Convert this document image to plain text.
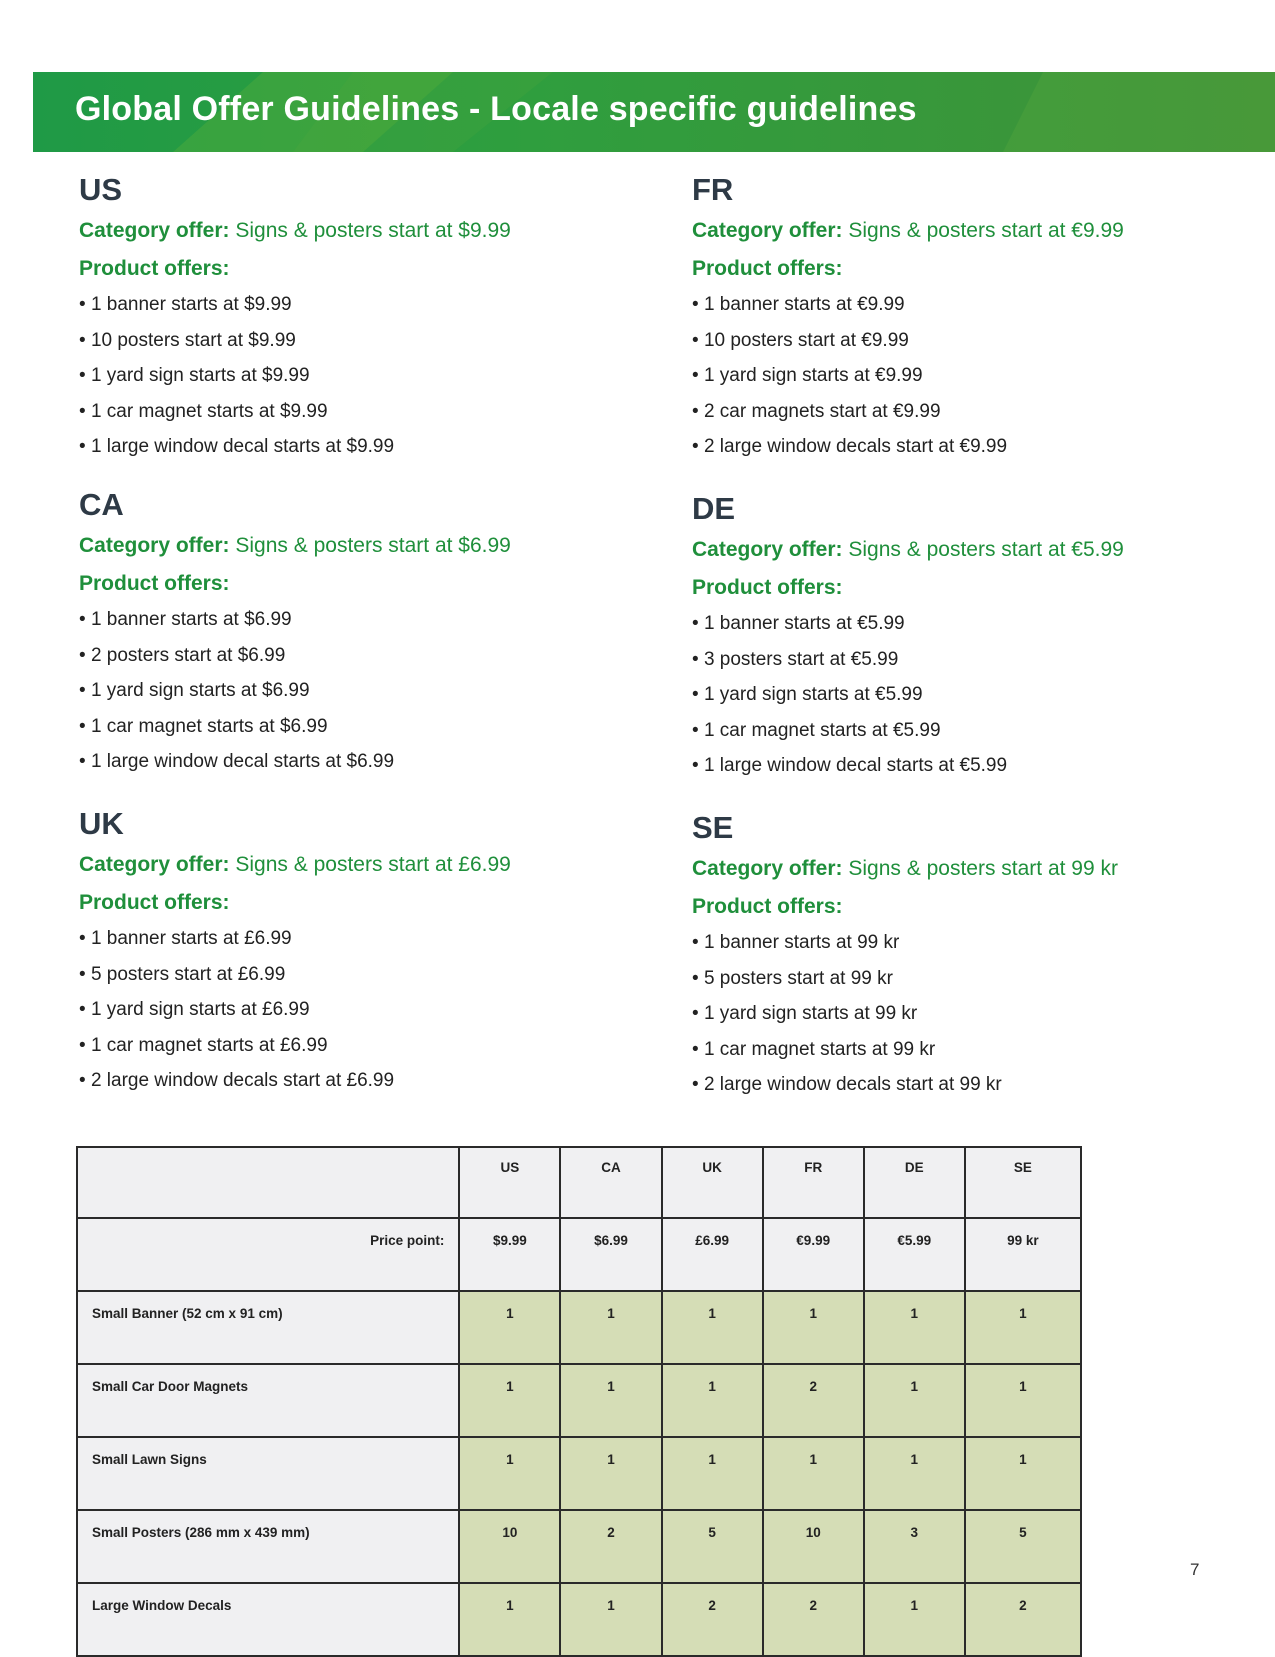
Global Offer Guidelines - Locale specific guidelines
US
Category offer: Signs & posters start at $9.99
Product offers:
• 1 banner starts at $9.99
• 10 posters start at $9.99
• 1 yard sign starts at $9.99
• 1 car magnet starts at $9.99
• 1 large window decal starts at $9.99
FR
Category offer: Signs & posters start at €9.99
Product offers:
• 1 banner starts at €9.99
• 10 posters start at €9.99
• 1 yard sign starts at €9.99
• 2 car magnets start at €9.99
• 2 large window decals start at €9.99
CA
Category offer: Signs & posters start at $6.99
Product offers:
• 1 banner starts at $6.99
• 2 posters start at $6.99
• 1 yard sign starts at $6.99
• 1 car magnet starts at $6.99
• 1 large window decal starts at $6.99
DE
Category offer: Signs & posters start at €5.99
Product offers:
• 1 banner starts at €5.99
• 3 posters start at €5.99
• 1 yard sign starts at €5.99
• 1 car magnet starts at €5.99
• 1 large window decal starts at €5.99
UK
Category offer: Signs & posters start at £6.99
Product offers:
• 1 banner starts at £6.99
• 5 posters start at £6.99
• 1 yard sign starts at £6.99
• 1 car magnet starts at £6.99
• 2 large window decals start at £6.99
SE
Category offer: Signs & posters start at 99 kr
Product offers:
• 1 banner starts at 99 kr
• 5 posters start at 99 kr
• 1 yard sign starts at 99 kr
• 1 car magnet starts at 99 kr
• 2 large window decals start at 99 kr
	US	CA	UK	FR	DE	SE
Price point:	$9.99	$6.99	£6.99	€9.99	€5.99	99 kr
Small Banner (52 cm x 91 cm)	1	1	1	1	1	1
Small Car Door Magnets	1	1	1	2	1	1
Small Lawn Signs	1	1	1	1	1	1
Small Posters (286 mm x 439 mm)	10	2	5	10	3	5
Large Window Decals	1	1	2	2	1	2
7
